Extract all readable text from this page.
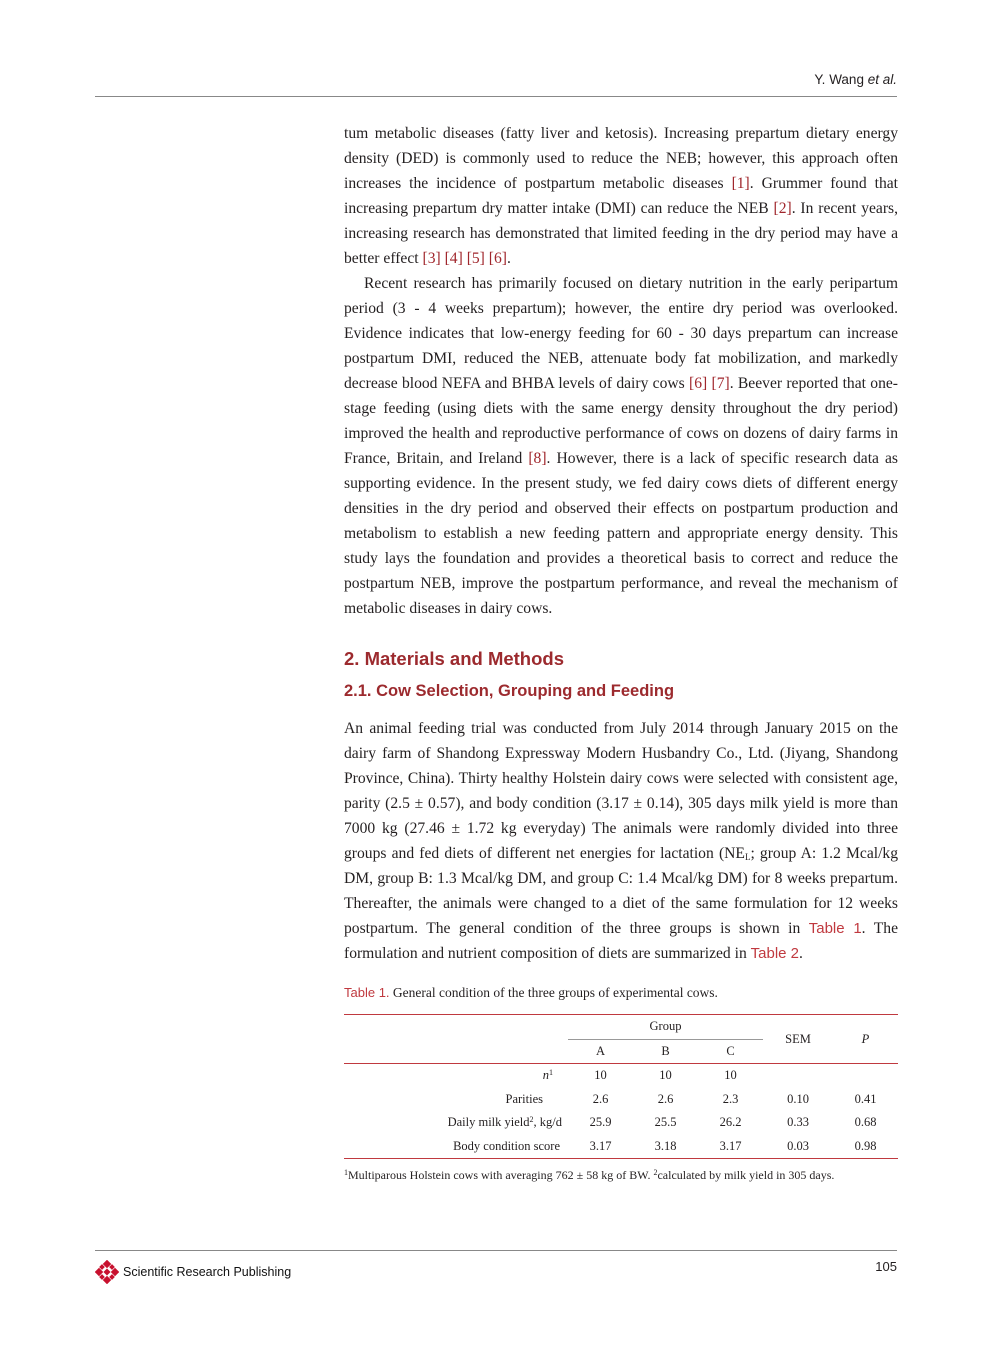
Y. Wang et al.

tum metabolic diseases (fatty liver and ketosis). Increasing prepartum dietary energy density (DED) is commonly used to reduce the NEB; however, this approach often increases the incidence of postpartum metabolic diseases [1]. Grummer found that increasing prepartum dry matter intake (DMI) can reduce the NEB [2]. In recent years, increasing research has demonstrated that limited feeding in the dry period may have a better effect [3] [4] [5] [6].

Recent research has primarily focused on dietary nutrition in the early peripartum period (3 - 4 weeks prepartum); however, the entire dry period was overlooked. Evidence indicates that low-energy feeding for 60 - 30 days prepartum can increase postpartum DMI, reduced the NEB, attenuate body fat mobilization, and markedly decrease blood NEFA and BHBA levels of dairy cows [6] [7]. Beever reported that one-stage feeding (using diets with the same energy density throughout the dry period) improved the health and reproductive performance of cows on dozens of dairy farms in France, Britain, and Ireland [8]. However, there is a lack of specific research data as supporting evidence. In the present study, we fed dairy cows diets of different energy densities in the dry period and observed their effects on postpartum production and metabolism to establish a new feeding pattern and appropriate energy density. This study lays the foundation and provides a theoretical basis to correct and reduce the postpartum NEB, improve the postpartum performance, and reveal the mechanism of metabolic diseases in dairy cows.

2. Materials and Methods
2.1. Cow Selection, Grouping and Feeding

An animal feeding trial was conducted from July 2014 through January 2015 on the dairy farm of Shandong Expressway Modern Husbandry Co., Ltd. (Jiyang, Shandong Province, China). Thirty healthy Holstein dairy cows were selected with consistent age, parity (2.5 ± 0.57), and body condition (3.17 ± 0.14), 305 days milk yield is more than 7000 kg (27.46 ± 1.72 kg everyday) The animals were randomly divided into three groups and fed diets of different net energies for lactation ($NE_L$; group A: 1.2 Mcal/kg DM, group B: 1.3 Mcal/kg DM, and group C: 1.4 Mcal/kg DM) for 8 weeks prepartum. Thereafter, the animals were changed to a diet of the same formulation for 12 weeks postpartum. The general condition of the three groups is shown in Table 1. The formulation and nutrient composition of diets are summarized in Table 2.

Table 1. General condition of the three groups of experimental cows.
	Group			SEM	P
	A	B	C		
$n^1$	10	10	10		
Parities	2.6	2.6	2.3	0.10	0.41
Daily milk yield$^2$, kg/d	25.9	25.5	26.2	0.33	0.68
Body condition score	3.17	3.18	3.17	0.03	0.98
$^1$Multiparous Holstein cows with averaging 762 ± 58 kg of BW. $^2$calculated by milk yield in 305 days.
Scientific Research Publishing	105
